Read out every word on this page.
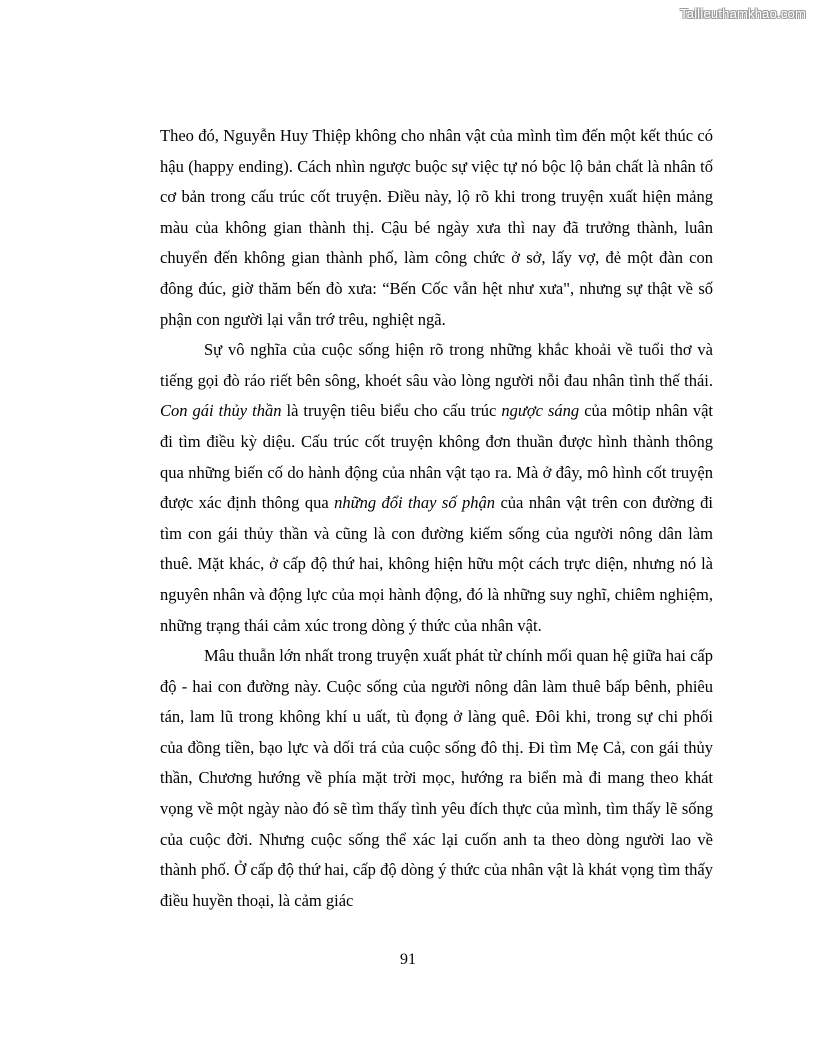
Tailieuthamkhao.com

Theo đó, Nguyễn Huy Thiệp không cho nhân vật của mình tìm đến một kết thúc có hậu (happy ending). Cách nhìn ngược buộc sự việc tự nó bộc lộ bản chất là nhân tố cơ bản trong cấu trúc cốt truyện. Điều này, lộ rõ khi trong truyện xuất hiện mảng màu của không gian thành thị. Cậu bé ngày xưa thì nay đã trưởng thành, luân chuyển đến không gian thành phố, làm công chức ở sở, lấy vợ, đẻ một đàn con đông đúc, giờ thăm bến đò xưa: “Bến Cốc vẫn hệt như xưa", nhưng sự thật về số phận con người lại vẫn trớ trêu, nghiệt ngã.

Sự vô nghĩa của cuộc sống hiện rõ trong những khắc khoải về tuổi thơ và tiếng gọi đò ráo riết bên sông, khoét sâu vào lòng người nỗi đau nhân tình thế thái. Con gái thủy thần là truyện tiêu biểu cho cấu trúc ngược sáng của môtip nhân vật đi tìm điều kỳ diệu. Cấu trúc cốt truyện không đơn thuần được hình thành thông qua những biến cố do hành động của nhân vật tạo ra. Mà ở đây, mô hình cốt truyện được xác định thông qua những đổi thay số phận của nhân vật trên con đường đi tìm con gái thủy thần và cũng là con đường kiếm sống của người nông dân làm thuê. Mặt khác, ở cấp độ thứ hai, không hiện hữu một cách trực diện, nhưng nó là nguyên nhân và động lực của mọi hành động, đó là những suy nghĩ, chiêm nghiệm, những trạng thái cảm xúc trong dòng ý thức của nhân vật.

Mâu thuẫn lớn nhất trong truyện xuất phát từ chính mối quan hệ giữa hai cấp độ - hai con đường này. Cuộc sống của người nông dân làm thuê bấp bênh, phiêu tán, lam lũ trong không khí u uất, tù đọng ở làng quê. Đôi khi, trong sự chi phối của đồng tiền, bạo lực và dối trá của cuộc sống đô thị. Đi tìm Mẹ Cả, con gái thủy thần, Chương hướng về phía mặt trời mọc, hướng ra biển mà đi mang theo khát vọng về một ngày nào đó sẽ tìm thấy tình yêu đích thực của mình, tìm thấy lẽ sống của cuộc đời. Nhưng cuộc sống thể xác lại cuốn anh ta theo dòng người lao về thành phố. Ở cấp độ thứ hai, cấp độ dòng ý thức của nhân vật là khát vọng tìm thấy điều huyền thoại, là cảm giác

91
